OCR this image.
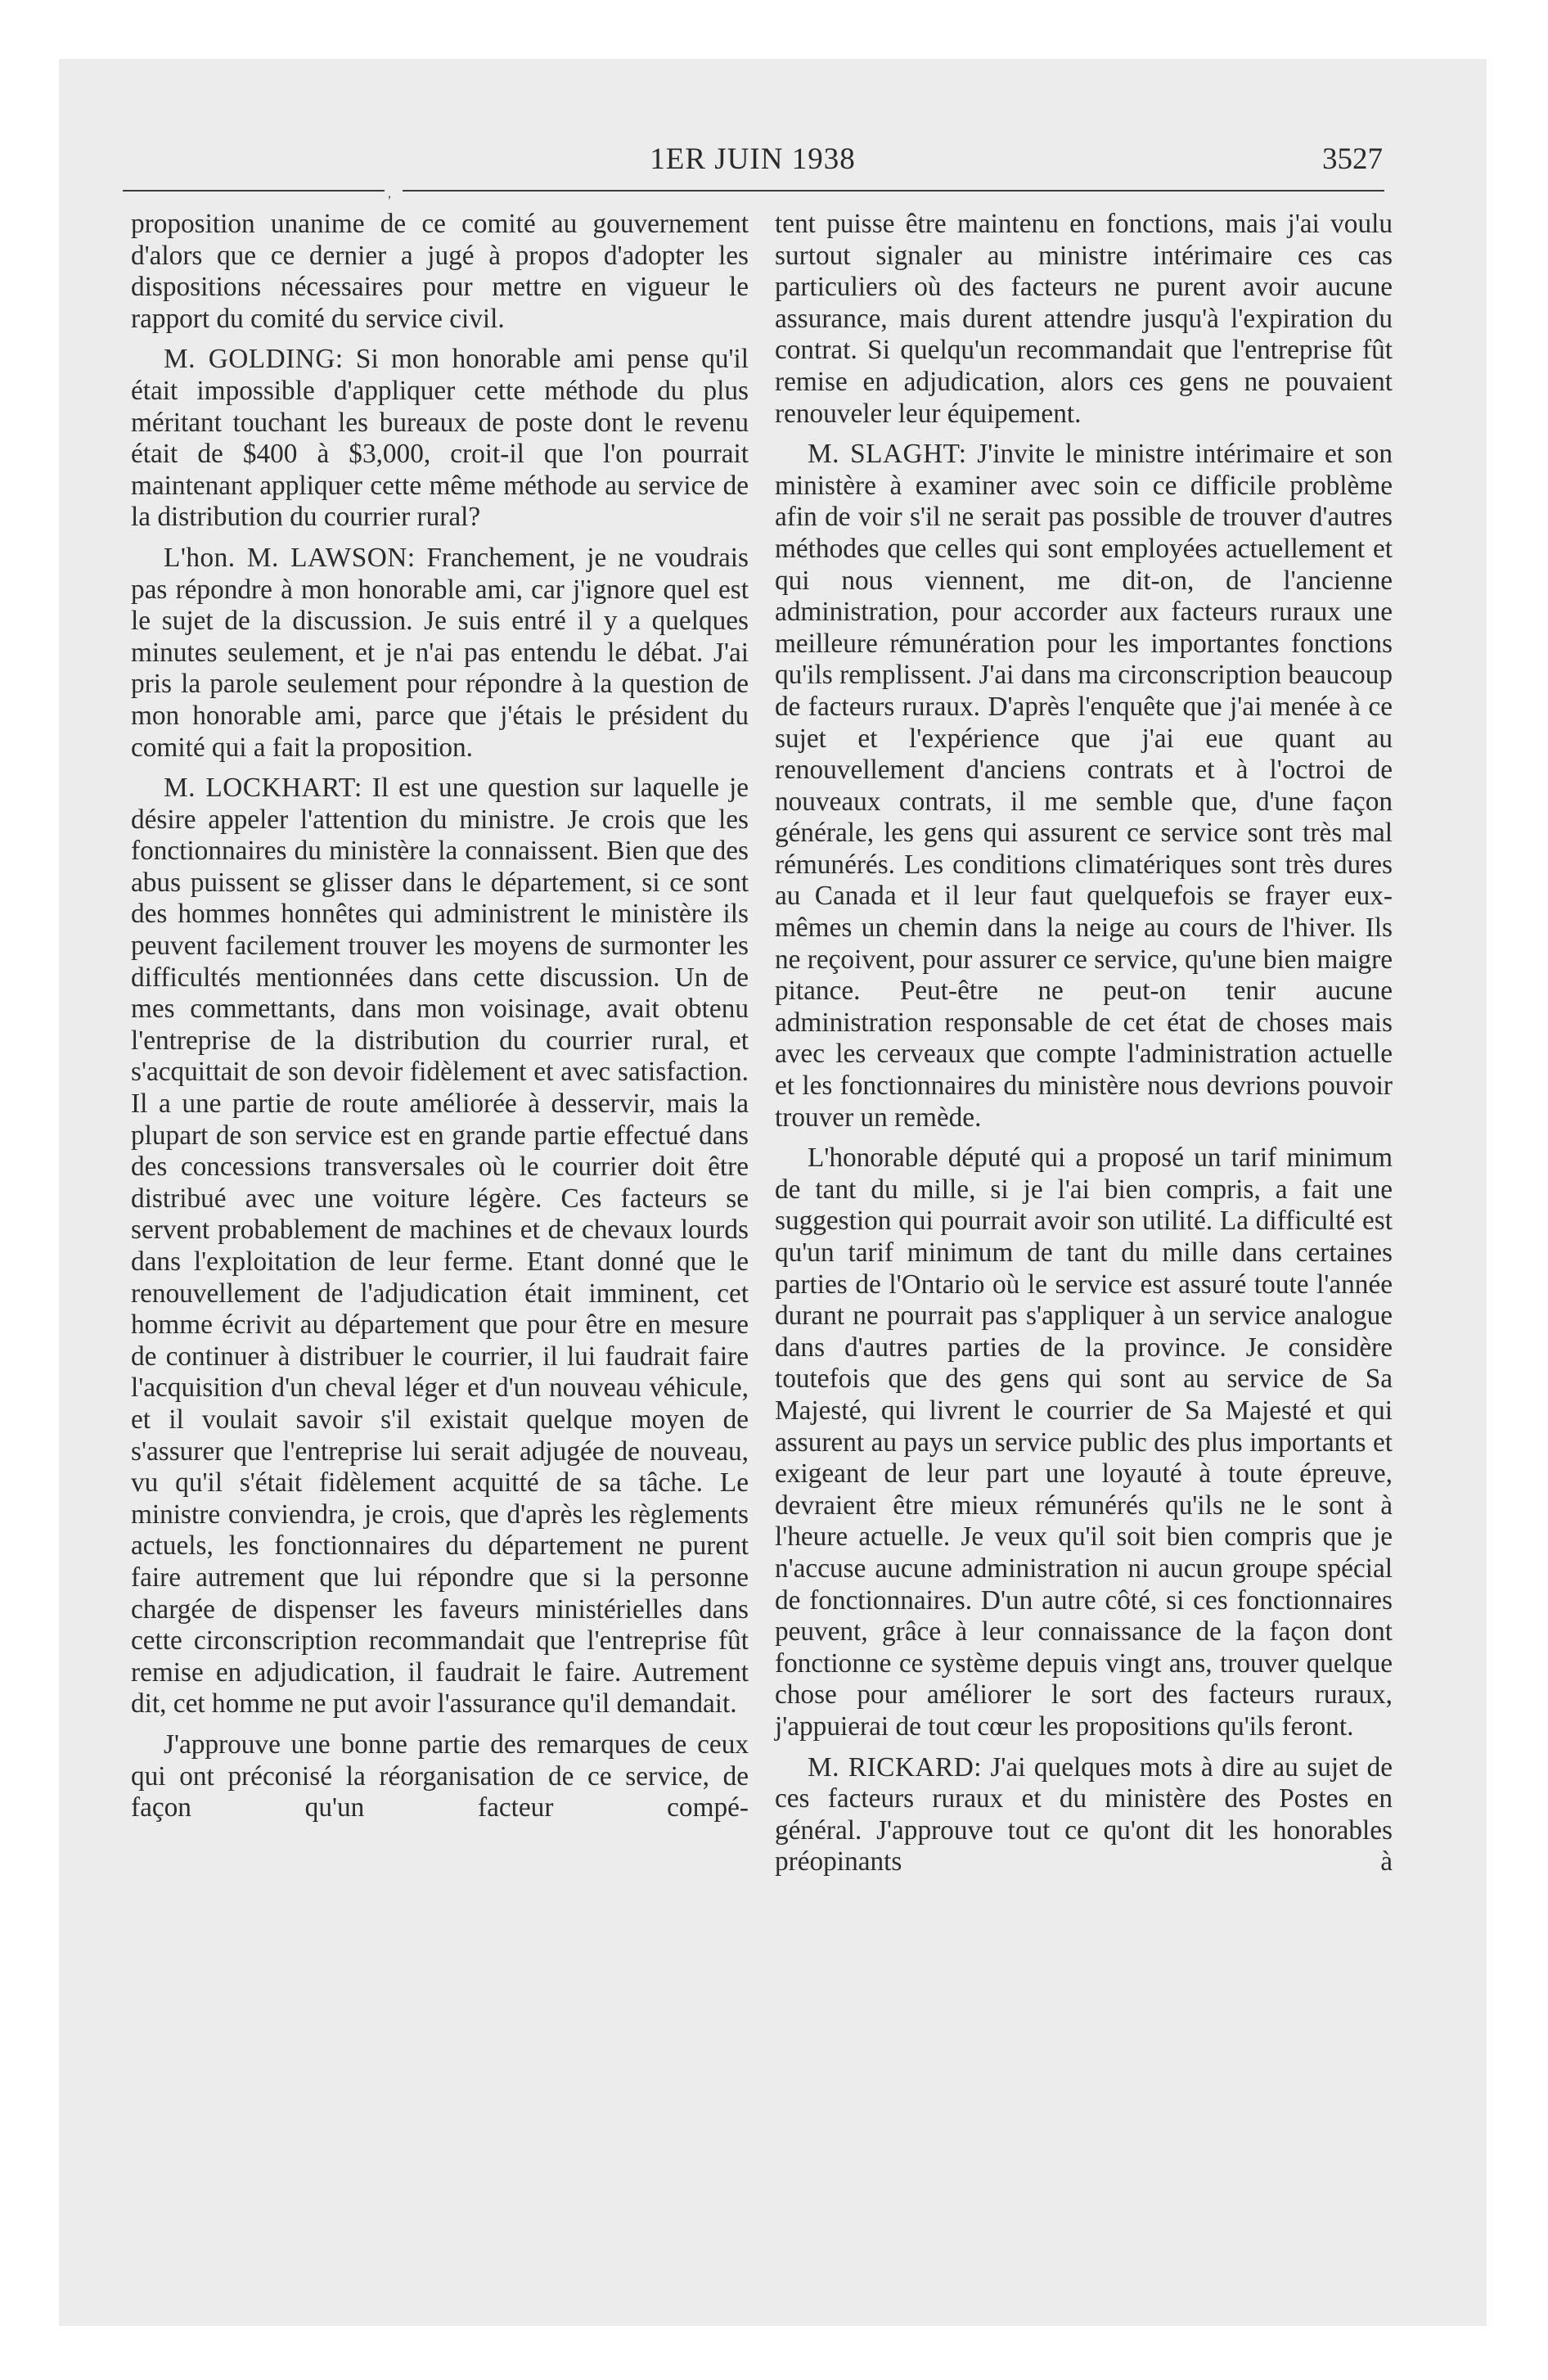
1ER JUIN 1938	3527
,

proposition unanime de ce comité au gouvernement d'alors que ce dernier a jugé à propos d'adopter les dispositions nécessaires pour mettre en vigueur le rapport du comité du service civil.

M. GOLDING: Si mon honorable ami pense qu'il était impossible d'appliquer cette méthode du plus méritant touchant les bureaux de poste dont le revenu était de $400 à $3,000, croit-il que l'on pourrait maintenant appliquer cette même méthode au service de la distribution du courrier rural?

L'hon. M. LAWSON: Franchement, je ne voudrais pas répondre à mon honorable ami, car j'ignore quel est le sujet de la discussion. Je suis entré il y a quelques minutes seulement, et je n'ai pas entendu le débat. J'ai pris la parole seulement pour répondre à la question de mon honorable ami, parce que j'étais le président du comité qui a fait la proposition.

M. LOCKHART: Il est une question sur laquelle je désire appeler l'attention du ministre. Je crois que les fonctionnaires du ministère la connaissent. Bien que des abus puissent se glisser dans le département, si ce sont des hommes honnêtes qui administrent le ministère ils peuvent facilement trouver les moyens de surmonter les difficultés mentionnées dans cette discussion. Un de mes commettants, dans mon voisinage, avait obtenu l'entreprise de la distribution du courrier rural, et s'acquittait de son devoir fidèlement et avec satisfaction. Il a une partie de route améliorée à desservir, mais la plupart de son service est en grande partie effectué dans des concessions transversales où le courrier doit être distribué avec une voiture légère. Ces facteurs se servent probablement de machines et de chevaux lourds dans l'exploitation de leur ferme. Etant donné que le renouvellement de l'adjudication était imminent, cet homme écrivit au département que pour être en mesure de continuer à distribuer le courrier, il lui faudrait faire l'acquisition d'un cheval léger et d'un nouveau véhicule, et il voulait savoir s'il existait quelque moyen de s'assurer que l'entreprise lui serait adjugée de nouveau, vu qu'il s'était fidèlement acquitté de sa tâche. Le ministre conviendra, je crois, que d'après les règlements actuels, les fonctionnaires du département ne purent faire autrement que lui répondre que si la personne chargée de dispenser les faveurs ministérielles dans cette circonscription recommandait que l'entreprise fût remise en adjudication, il faudrait le faire. Autrement dit, cet homme ne put avoir l'assurance qu'il demandait.

J'approuve une bonne partie des remarques de ceux qui ont préconisé la réorganisation de ce service, de façon qu'un facteur compé-

tent puisse être maintenu en fonctions, mais j'ai voulu surtout signaler au ministre intérimaire ces cas particuliers où des facteurs ne purent avoir aucune assurance, mais durent attendre jusqu'à l'expiration du contrat. Si quelqu'un recommandait que l'entreprise fût remise en adjudication, alors ces gens ne pouvaient renouveler leur équipement.

M. SLAGHT: J'invite le ministre intérimaire et son ministère à examiner avec soin ce difficile problème afin de voir s'il ne serait pas possible de trouver d'autres méthodes que celles qui sont employées actuellement et qui nous viennent, me dit-on, de l'ancienne administration, pour accorder aux facteurs ruraux une meilleure rémunération pour les importantes fonctions qu'ils remplissent. J'ai dans ma circonscription beaucoup de facteurs ruraux. D'après l'enquête que j'ai menée à ce sujet et l'expérience que j'ai eue quant au renouvellement d'anciens contrats et à l'octroi de nouveaux contrats, il me semble que, d'une façon générale, les gens qui assurent ce service sont très mal rémunérés. Les conditions climatériques sont très dures au Canada et il leur faut quelquefois se frayer eux-mêmes un chemin dans la neige au cours de l'hiver. Ils ne reçoivent, pour assurer ce service, qu'une bien maigre pitance. Peut-être ne peut-on tenir aucune administration responsable de cet état de choses mais avec les cerveaux que compte l'administration actuelle et les fonctionnaires du ministère nous devrions pouvoir trouver un remède.

L'honorable député qui a proposé un tarif minimum de tant du mille, si je l'ai bien compris, a fait une suggestion qui pourrait avoir son utilité. La difficulté est qu'un tarif minimum de tant du mille dans certaines parties de l'Ontario où le service est assuré toute l'année durant ne pourrait pas s'appliquer à un service analogue dans d'autres parties de la province. Je considère toutefois que des gens qui sont au service de Sa Majesté, qui livrent le courrier de Sa Majesté et qui assurent au pays un service public des plus importants et exigeant de leur part une loyauté à toute épreuve, devraient être mieux rémunérés qu'ils ne le sont à l'heure actuelle. Je veux qu'il soit bien compris que je n'accuse aucune administration ni aucun groupe spécial de fonctionnaires. D'un autre côté, si ces fonctionnaires peuvent, grâce à leur connaissance de la façon dont fonctionne ce système depuis vingt ans, trouver quelque chose pour améliorer le sort des facteurs ruraux, j'appuierai de tout cœur les propositions qu'ils feront.

M. RICKARD: J'ai quelques mots à dire au sujet de ces facteurs ruraux et du ministère des Postes en général. J'approuve tout ce qu'ont dit les honorables préopinants à
